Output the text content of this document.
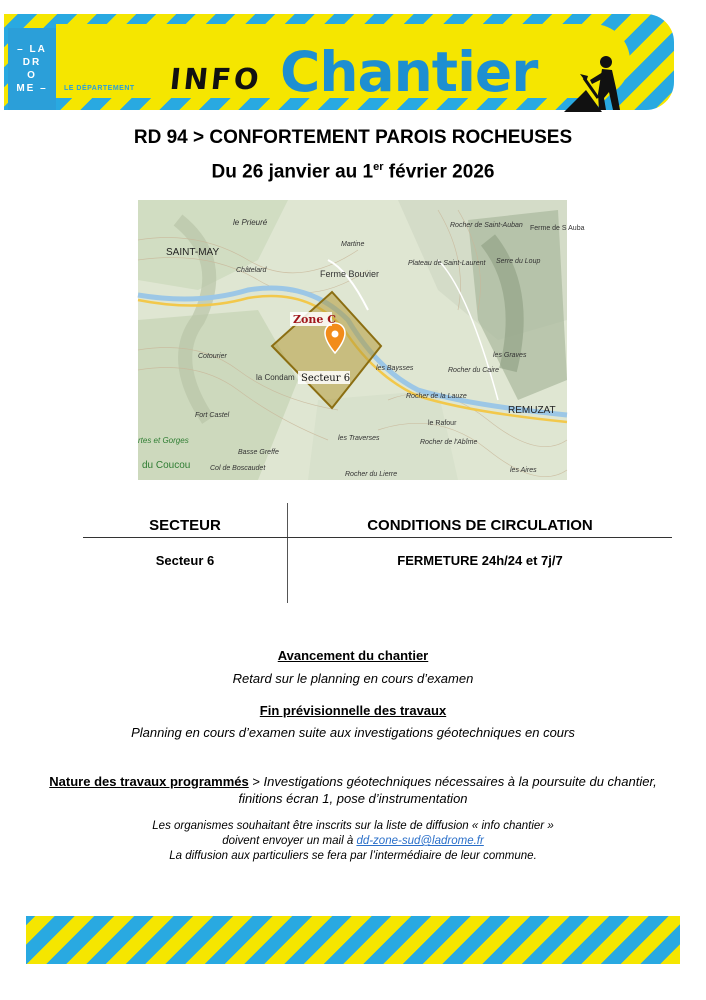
– LA
DR
O
ME –	LE DÉPARTEMENT INFO Chantier
RD 94 > CONFORTEMENT PAROIS ROCHEUSES
Du 26 janvier au 1er février 2026
le Prieuré
SAINT-MAY
Martine
Châtelard	Ferme Bouvier
Rocher de Saint-Auban
Plateau de Saint-Laurent Serre du Loup
Ferme de S Auba
Zone C
Secteur 6
la Condam
Cotourier	les Graves
les Baysses	Rocher du Caire
Rocher de la Lauze
REMUZAT
Fort Castel
le Rafour
Rocher de l'Abîme
les Traverses
Basse Greffe
rtes et Gorges
du Coucou	Col de Boscaudet
Rocher du Lierre
les Aires
SECTEUR	CONDITIONS DE CIRCULATION
Secteur 6	FERMETURE 24h/24 et 7j/7
Avancement du chantier
Retard sur le planning en cours d’examen
Fin prévisionnelle des travaux
Planning en cours d’examen suite aux investigations géotechniques en cours
Nature des travaux programmés > Investigations géotechniques nécessaires à la poursuite du chantier, finitions écran 1, pose d’instrumentation
Les organismes souhaitant être inscrits sur la liste de diffusion « info chantier »
doivent envoyer un mail à dd-zone-sud@ladrome.fr
La diffusion aux particuliers se fera par l’intermédiaire de leur commune.
